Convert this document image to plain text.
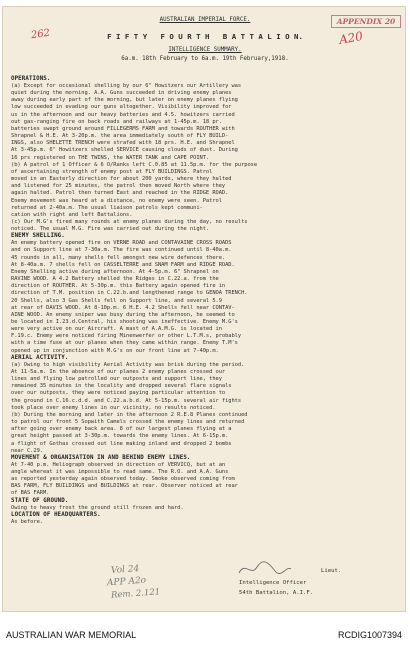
262
APPENDIX 20
A20
AUSTRALIAN IMPERIAL FORCE.
F I F T Y   F O U R T H   B A T T A L I O N.
INTELLIGENCE SUMMARY.
6a.m. 18th February to 6a.m. 19th February,1918.
OPERATIONS.
(a) Except for occasional shelling by our 6" Howitzers our Artillery was
quiet during the morning. A.A. Guns succeeded in driving enemy planes
away during early part of the morning, but later on enemy planes flying
low succeeded in evading our guns altogether. Visibility improved for
us in the afternoon and our heavy batteries and 4.5. howitzers carried
out gas-ranging fire on back roads and railways at 1-45p.m. 18 pr.
batteries swept ground around FILLEGERMS FARM and towards ROUTHER with
Shrapnel & H.E. At 3-20p.m. the area immediately south of FLY BUILD-
INGS, also SHELETTE TRENCH were strafed with 18 prs. H.E. and Shrapnel
At 3-45p.m. 6" Howitzers shelled SERVICE causing clouds of dust. During
16 prs registered on THE TWINS, the WATER TANK and CAPE POINT.
(b) A patrol of 1 Officer & 6 O/Ranks left C.0.85 at 11.5p.m. for the purpose
of ascertaining strength of enemy post at FLY BUILDINGS. Patrol
moved in an Easterly direction for about 200 yards, where they halted
and listened for 25 minutes, the patrol then moved North where they
again halted. Patrol then turned East and reached in the RIDGE ROAD.
Enemy movement was heard at a distance, no enemy were seen. Patrol
returned at 2-40a.m. The usual liaison patrols kept communi-
cation with right and left Battalions.
(c) Our M.G's fired many rounds at enemy planes during the day, no results
noticed. The usual M.G. Fire was carried out during the night.
ENEMY SHELLING.
An enemy battery opened fire on VERNE ROAD and CONTAVAINE CROSS ROADS
and on Support line at 7-30a.m. The fire was continued until 8-40a.m.
45 rounds in all, many shells fell amongst new wire defences there.
At 8-40a.m. 7 shells fell on CASSELTERRE and SNAM FARM and RIDGE ROAD.
Enemy Shelling active during afternoon. At 4-5p.m. 6" Shrapnel on
RAVINE WOOD. A 4.2 Battery shelled the Ridges in C.22.a. from the
direction of ROUTHER. At 5-30p.m. this Battery again opened fire in
direction of T.M. position in C.22.b.and lengthened range to GENOA TRENCH.
20 Shells, also 3 Gas Shells fell on Support line, and several 5.9
at rear of DAVIS WOOD. At 8-10p.m. 6 H.E. 4.2 Shells fell near CONTAV-
AINE WOOD. An enemy sniper was busy during the afternoon, he seemed to
be located in I.23.d.Central, his shooting was ineffective. Enemy M.G's
were very active on our Aircraft. A mast of A.A.M.G. is located in
F.19.c. Enemy were noticed firing Minenwerfer or other L.T.M.s, probably
with a time fuse at our planes when they came within range. Enemy T.M's
opened up in conjunction with M.G's on our front line at 7-40p.m.
AERIAL ACTIVITY.
(a) Owing to high visibility Aerial Activity was brisk during the period.
At 11-5a.m. In the absence of our planes 2 enemy planes crossed our
lines and flying low patrolled our outposts and support line, they
remained 35 minutes in the locality and dropped several flare signals
over our outposts, they were noticed paying particular attention to
the ground in C.16.c.d.d. and C.22.a.b.d. At 5-15p.m. several air fights
took place over enemy lines in our vicinity, no results noticed.
(b) During the morning and later in the afternoon 2 R.E.8 Planes continued
to patrol our front 5 Sopwith Camels crossed the enemy lines and returned
after going over enemy back area. 8 of our largest planes flying at a
great height passed at 3-30p.m. towards the enemy lines. At 6-15p.m.
a flight of Gothas crossed out line making inland and dropped 2 bombs
near C.29.
MOVEMENT & ORGANISATION IN AND BEHIND ENEMY LINES.
At 7-40 p.m. Heliograph observed in direction of VERVICQ, but at an
angle whereat it was impossible to read same. The R.O. and A.A. Guns
as reported yesterday again observed today. Smoke observed coming from
BAS FARM, FLY BUILDINGS and BUILDINGS at rear. Observer noticed at rear
of BAS FARM.
STATE OF GROUND.
Owing to heavy frost the ground still frozen and hard.
LOCATION OF HEADQUARTERS.
As before.
Lieut.
Intelligence Officer
54th Battalion, A.I.F.
Vol 24
APP A2o
Rem. 2.121
AUSTRALIAN WAR MEMORIAL	RCDIG1007394
